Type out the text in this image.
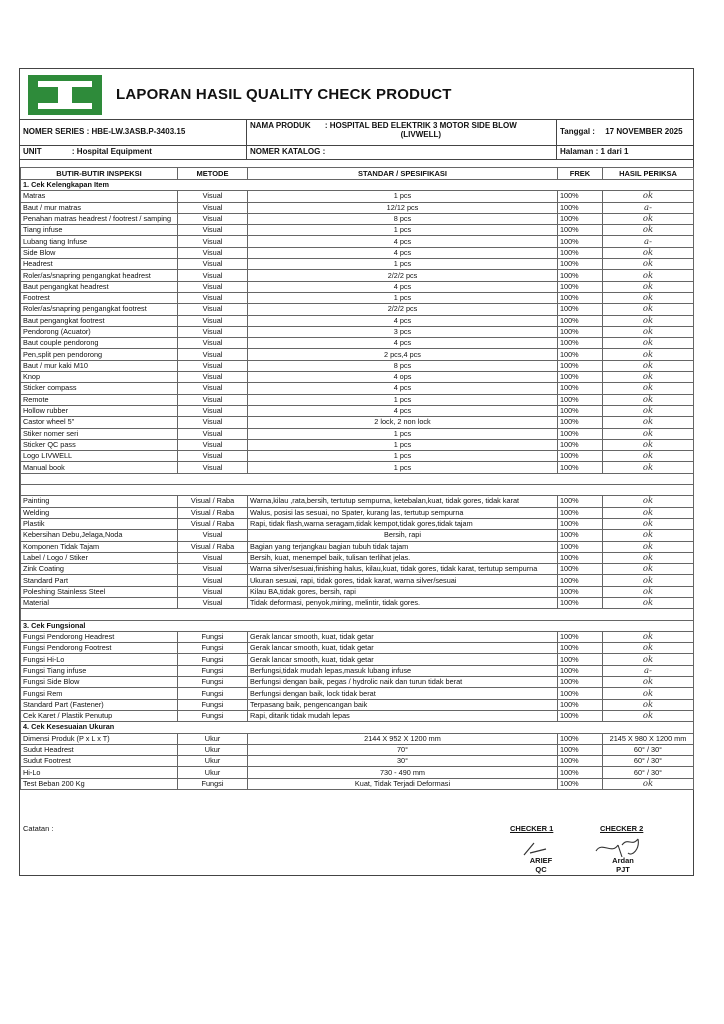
LAPORAN HASIL QUALITY CHECK PRODUCT
NOMER SERIES : HBE-LW.3ASB.P-3403.15
NAMA PRODUK : HOSPITAL BED ELEKTRIK 3 MOTOR SIDE BLOW (LIVWELL)	Tanggal : 17 NOVEMBER 2025
UNIT	: Hospital Equipment	NOMER KATALOG :	Halaman : 1 dari 1
BUTIR-BUTIR INSPEKSI	METODE	STANDAR / SPESIFIKASI	FREK	HASIL PERIKSA
1. Cek Kelengkapan Item				
Matras	Visual	1 pcs	100%	ok
Baut / mur matras	Visual	12/12 pcs	100%	a-
Penahan matras headrest / footrest / samping	Visual	8 pcs	100%	ok
Tiang infuse	Visual	1 pcs	100%	ok
Lubang tiang Infuse	Visual	4 pcs	100%	a-
Side Blow	Visual	4 pcs	100%	ok
Headrest	Visual	1 pcs	100%	ok
Roler/as/snapring pengangkat headrest	Visual	2/2/2 pcs	100%	ok
Baut pengangkat headrest	Visual	4 pcs	100%	ok
Footrest	Visual	1 pcs	100%	ok
Roler/as/snapring pengangkat footrest	Visual	2/2/2 pcs	100%	ok
Baut pengangkat footrest	Visual	4 pcs	100%	ok
Pendorong (Acuator)	Visual	3 pcs	100%	ok
Baut couple pendorong	Visual	4 pcs	100%	ok
Pen,split pen pendorong	Visual	2 pcs,4 pcs	100%	ok
Baut / mur kaki M10	Visual	8 pcs	100%	ok
Knop	Visual	4 ops	100%	ok
Sticker compass	Visual	4 pcs	100%	ok
Remote	Visual	1 pcs	100%	ok
Hollow rubber	Visual	4 pcs	100%	ok
Castor wheel 5"	Visual	2 lock, 2 non lock	100%	ok
Stiker nomer seri	Visual	1 pcs	100%	ok
Sticker QC pass	Visual	1 pcs	100%	ok
Logo LIVWELL	Visual	1 pcs	100%	ok
Manual book	Visual	1 pcs	100%	ok

Painting	Visual / Raba	Warna,kilau ,rata,bersih, tertutup sempurna, ketebalan,kuat, tidak gores, tidak karat	100%	ok
Welding	Visual / Raba	Walus, posisi las sesuai, no Spater, kurang las, tertutup sempurna	100%	ok
Plastik	Visual / Raba	Rapi, tidak flash,warna seragam,tidak kempot,tidak gores,tidak tajam	100%	ok
Kebersihan Debu,Jelaga,Noda	Visual	Bersih, rapi	100%	ok
Komponen Tidak Tajam	Visual / Raba	Bagian yang terjangkau bagian tubuh tidak tajam	100%	ok
Label / Logo / Stiker	Visual	Bersih, kuat, menempel baik, tulisan terlihat jelas.	100%	ok
Zink Coating	Visual	Warna silver/sesuai,finishing halus, kilau,kuat, tidak gores, tidak karat, tertutup sempurna	100%	ok
Standard Part	Visual	Ukuran sesuai, rapi, tidak gores, tidak karat, warna silver/sesuai	100%	ok
Poleshing Stainless Steel	Visual	Kilau BA,tidak gores, bersih, rapi	100%	ok
Material	Visual	Tidak deformasi, penyok,miring, melintir, tidak gores.	100%	ok

3. Cek Fungsional				
Fungsi Pendorong Headrest	Fungsi	Gerak lancar smooth, kuat, tidak getar	100%	ok
Fungsi Pendorong Footrest	Fungsi	Gerak lancar smooth, kuat, tidak getar	100%	ok
Fungsi Hi-Lo	Fungsi	Gerak lancar smooth, kuat, tidak getar	100%	ok
Fungsi Tiang infuse	Fungsi	Berfungsi,tidak mudah lepas,masuk lubang infuse	100%	a-
Fungsi Side Blow	Fungsi	Berfungsi dengan baik, pegas / hydrolic naik dan turun tidak berat	100%	ok
Fungsi Rem	Fungsi	Berfungsi dengan baik, lock tidak berat	100%	ok
Standard Part (Fastener)	Fungsi	Terpasang baik, pengencangan baik	100%	ok
Cek Karet / Plastik Penutup	Fungsi	Rapi, ditarik tidak mudah lepas	100%	ok
4. Cek Kesesuaian Ukuran				
Dimensi Produk (P x L x T)	Ukur	2144 X 952 X 1200 mm	100%	2145 X 980 X 1200 mm
Sudut Headrest	Ukur	70°	100%	60° / 30°
Sudut Footrest	Ukur	30°	100%	60° / 30°
Hi-Lo	Ukur	730 - 490 mm	100%	60° / 30°
Test Beban 200 Kg	Fungsi	Kuat, Tidak Terjadi Deformasi	100%	ok
Catatan :	CHECKER 1	CHECKER 2
ARIEF
QC
Ardan
PJT
